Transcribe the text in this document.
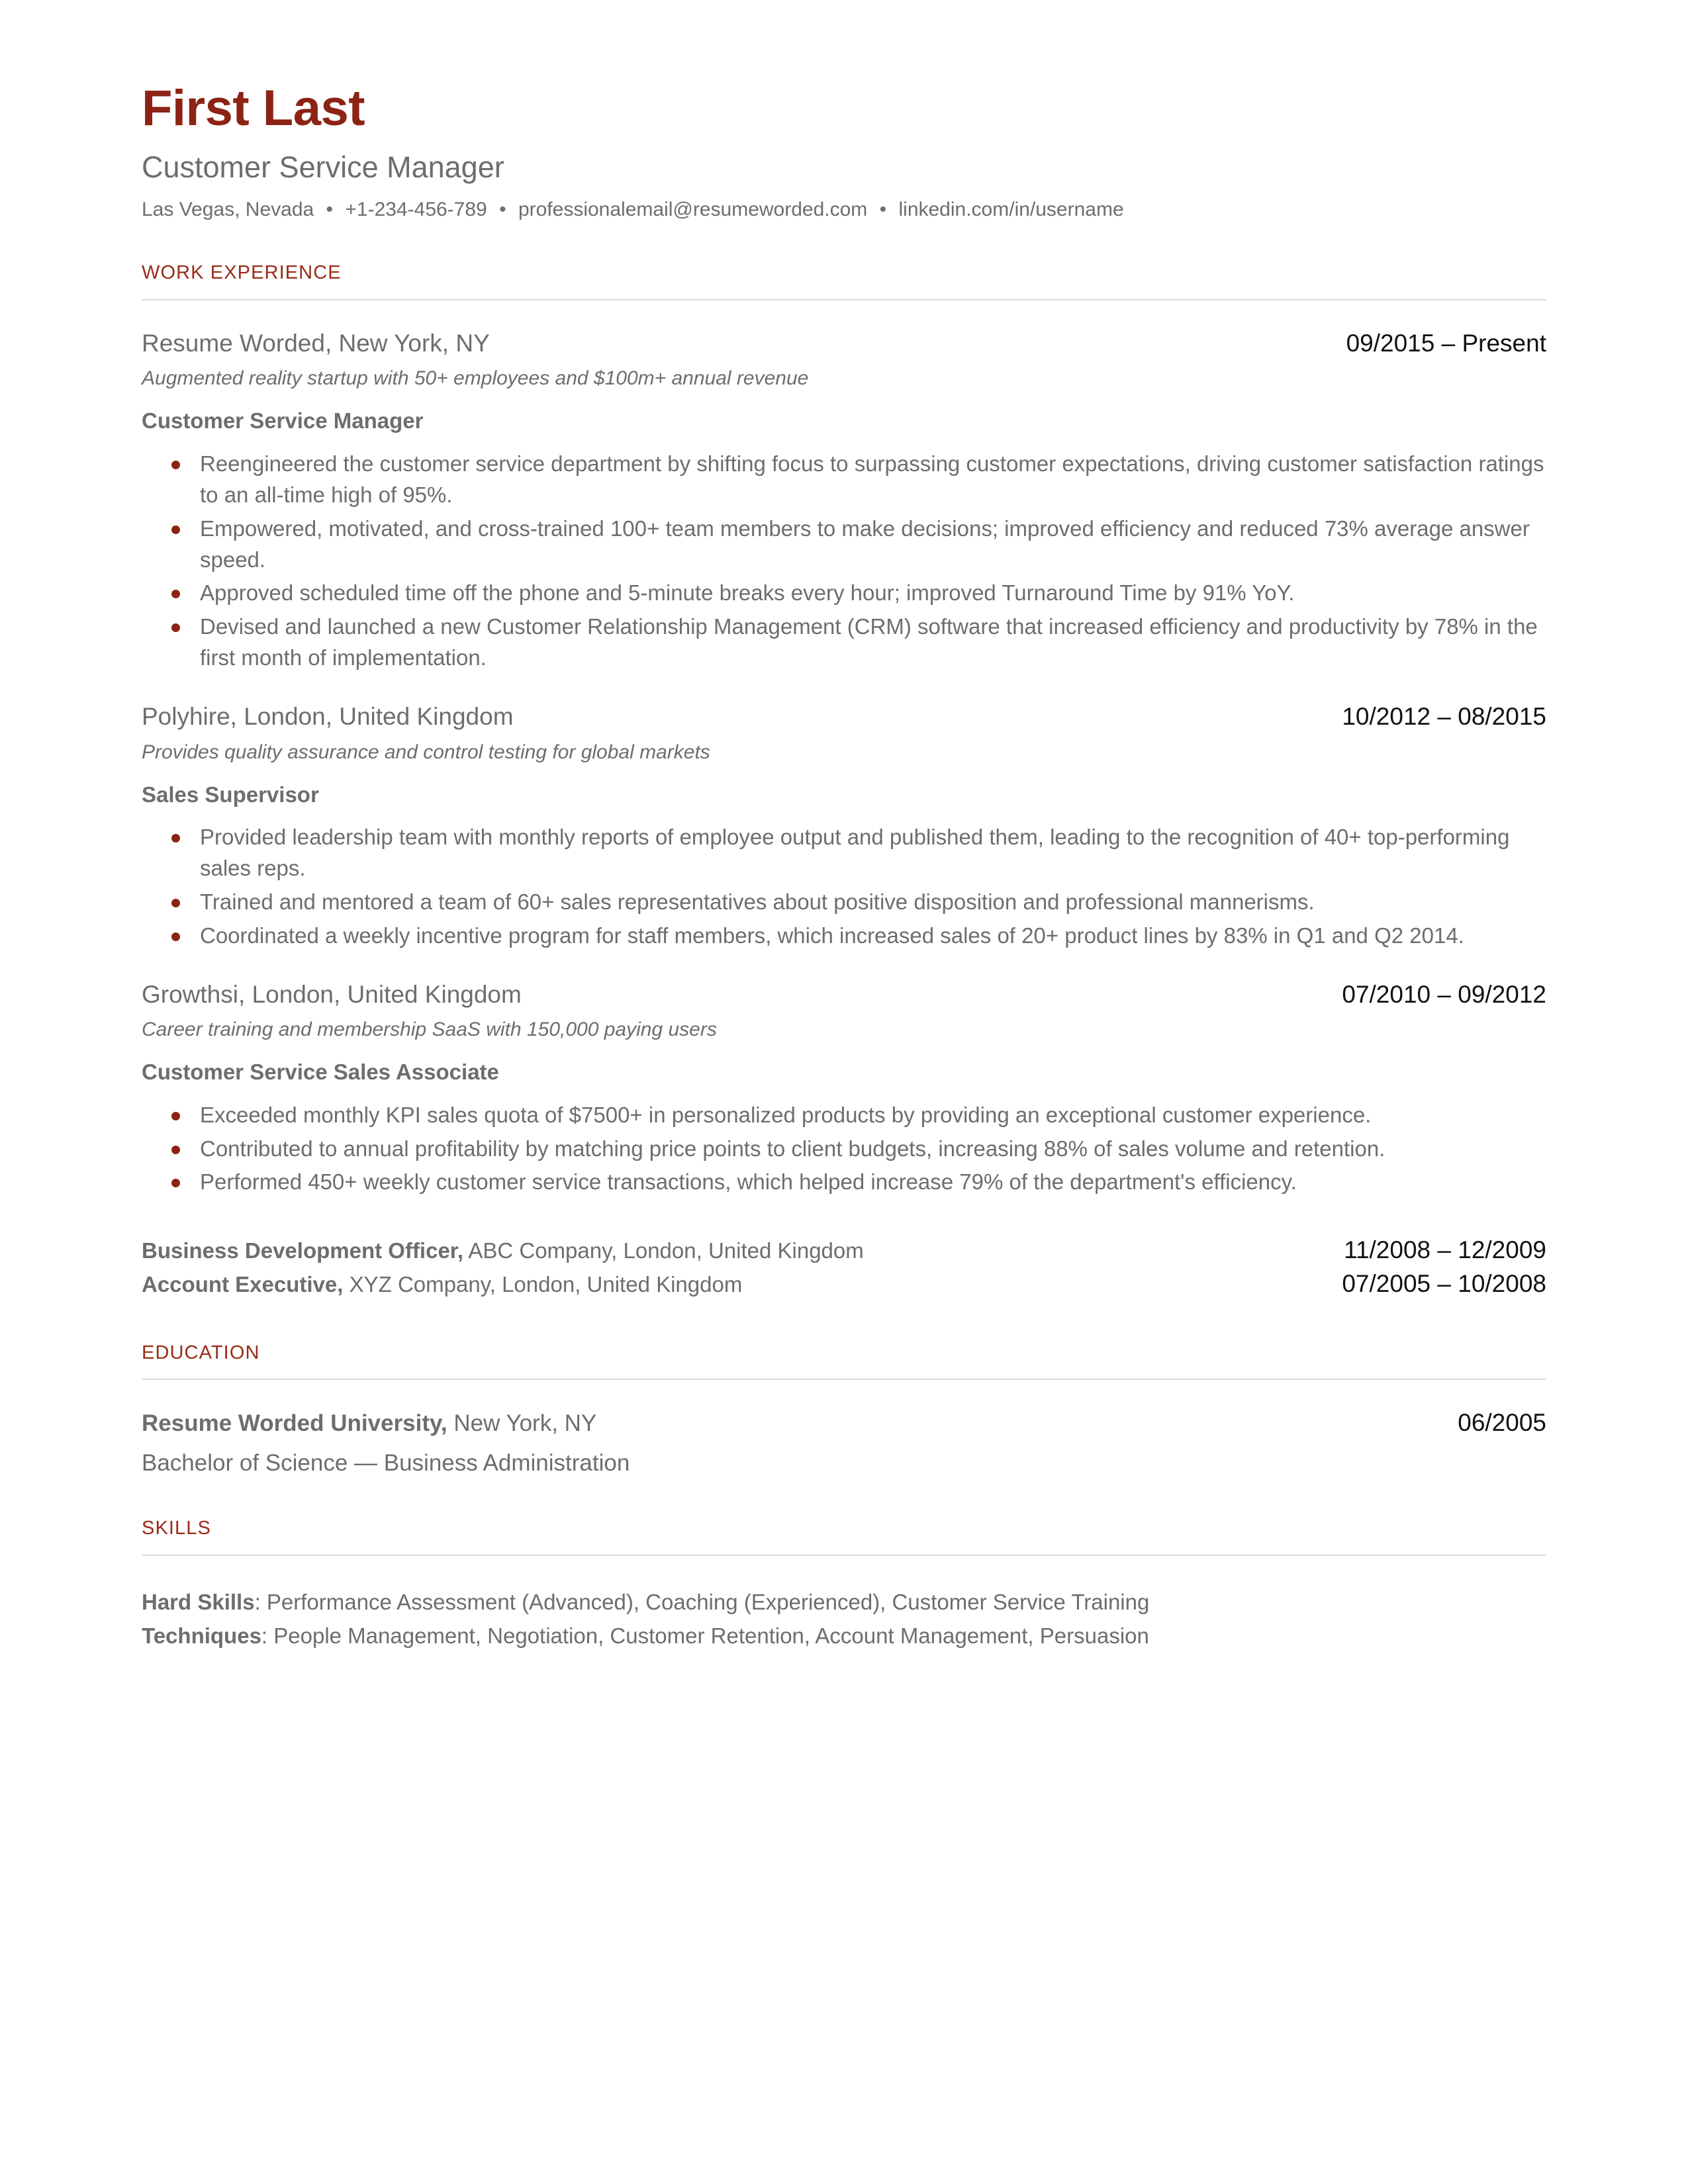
First Last
Customer Service Manager
Las Vegas, Nevada • +1-234-456-789 • professionalemail@resumeworded.com • linkedin.com/in/username
WORK EXPERIENCE
Resume Worded, New York, NY	09/2015 – Present
Augmented reality startup with 50+ employees and $100m+ annual revenue
Customer Service Manager
Reengineered the customer service department by shifting focus to surpassing customer expectations, driving customer satisfaction ratings to an all-time high of 95%.
Empowered, motivated, and cross-trained 100+ team members to make decisions; improved efficiency and reduced 73% average answer speed.
Approved scheduled time off the phone and 5-minute breaks every hour; improved Turnaround Time by 91% YoY.
Devised and launched a new Customer Relationship Management (CRM) software that increased efficiency and productivity by 78% in the first month of implementation.
Polyhire, London, United Kingdom	10/2012 – 08/2015
Provides quality assurance and control testing for global markets
Sales Supervisor
Provided leadership team with monthly reports of employee output and published them, leading to the recognition of 40+ top-performing sales reps.
Trained and mentored a team of 60+ sales representatives about positive disposition and professional mannerisms.
Coordinated a weekly incentive program for staff members, which increased sales of 20+ product lines by 83% in Q1 and Q2 2014.
Growthsi, London, United Kingdom	07/2010 – 09/2012
Career training and membership SaaS with 150,000 paying users
Customer Service Sales Associate
Exceeded monthly KPI sales quota of $7500+ in personalized products by providing an exceptional customer experience.
Contributed to annual profitability by matching price points to client budgets, increasing 88% of sales volume and retention.
Performed 450+ weekly customer service transactions, which helped increase 79% of the department's efficiency.
Business Development Officer, ABC Company, London, United Kingdom	11/2008 – 12/2009
Account Executive, XYZ Company, London, United Kingdom	07/2005 – 10/2008
EDUCATION
Resume Worded University, New York, NY	06/2005
Bachelor of Science — Business Administration
SKILLS
Hard Skills: Performance Assessment (Advanced), Coaching (Experienced), Customer Service Training
Techniques: People Management, Negotiation, Customer Retention, Account Management, Persuasion
